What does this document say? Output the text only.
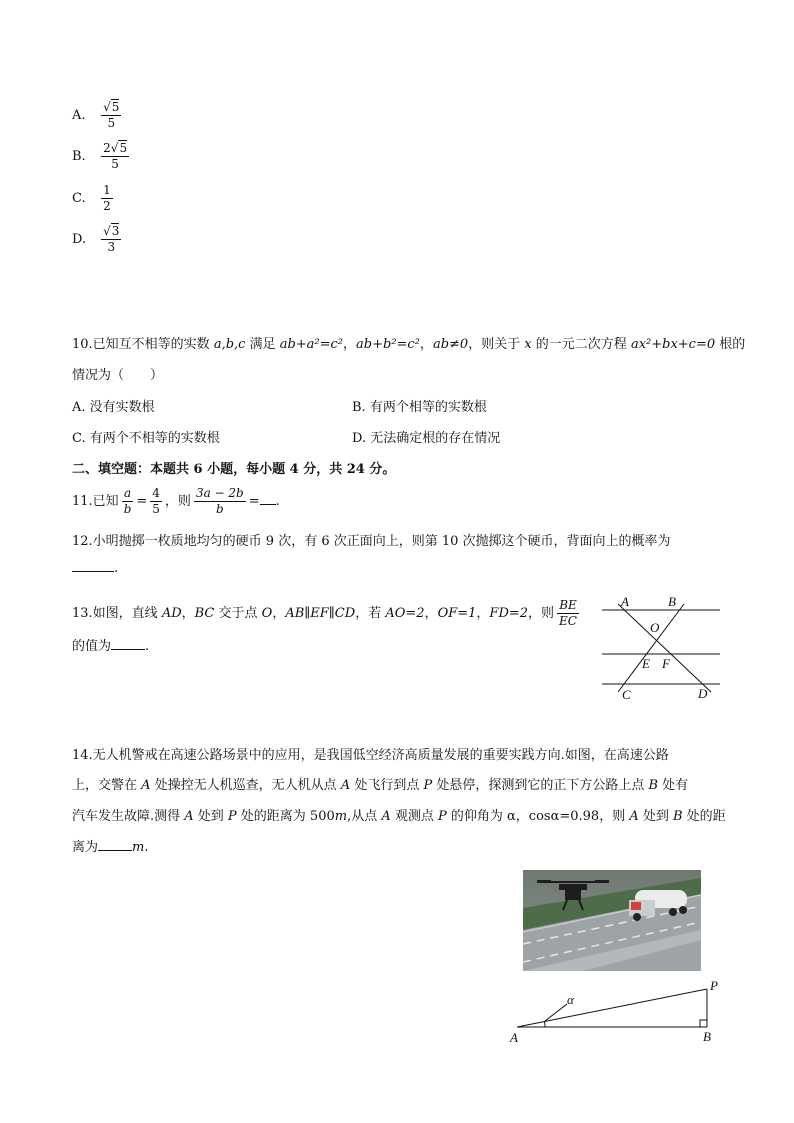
A. $\frac{√5}{5}$
B. $\frac{2√5}{5}$
C. $\frac{1}{2}$
D. $\frac{√3}{3}$
10.已知互不相等的实数 a,b,c 满足 ab+a²=c²，ab+b²=c²，ab≠0，则关于 x 的一元二次方程 ax²+bx+c=0 根的
情况为（　　）
A. 没有实数根	B. 有两个相等的实数根
C. 有两个不相等的实数根	D. 无法确定根的存在情况
二、填空题：本题共 6 小题，每小题 4 分，共 24 分。
11.已知 $\frac{a}{b} = \frac{4}{5}$ ，则 $\frac{3a - 2b}{b}$ = .
12.小明抛掷一枚质地均匀的硬币 9 次，有 6 次正面向上，则第 10 次抛掷这个硬币，背面向上的概率为
.
13.如图，直线 AD，BC 交于点 O，AB∥EF∥CD，若 AO=2，OF=1，FD=2，则 $\frac{BE}{EC}$
的值为	.
A	B
O
E F
C	D
14.无人机警戒在高速公路场景中的应用，是我国低空经济高质量发展的重要实践方向.如图，在高速公路
上，交警在 A 处操控无人机巡查，无人机从点 A 处飞行到点 P 处悬停，探测到它的正下方公路上点 B 处有
汽车发生故障.测得 A 处到 P 处的距离为 500m,从点 A 观测点 P 的仰角为 α，cosα=0.98，则 A 处到 B 处的距
离为	m.
α
A	B
P
